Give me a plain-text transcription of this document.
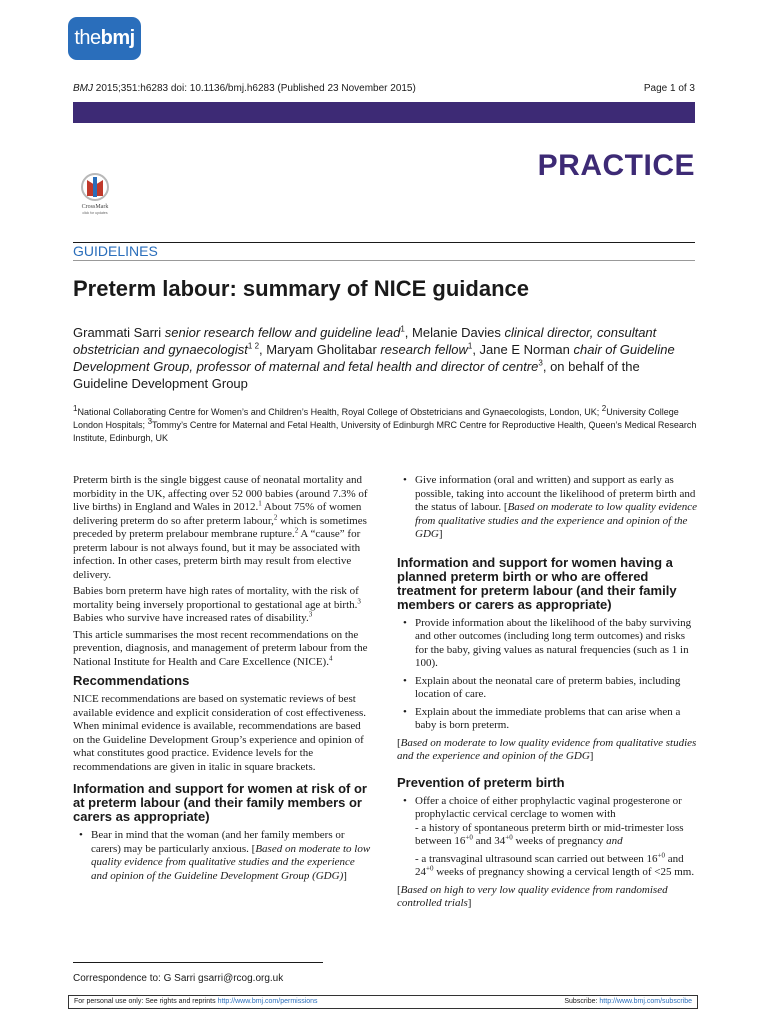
thebmj
BMJ 2015;351:h6283 doi: 10.1136/bmj.h6283 (Published 23 November 2015)	Page 1 of 3
PRACTICE
CrossMark
click for updates
GUIDELINES
Preterm labour: summary of NICE guidance
Grammati Sarri senior research fellow and guideline lead$^1$, Melanie Davies clinical director, consultant obstetrician and gynaecologist$^{1 2}$, Maryam Gholitabar research fellow$^1$, Jane E Norman chair of Guideline Development Group, professor of maternal and fetal health and director of centre$^3$, on behalf of the Guideline Development Group
$^1$National Collaborating Centre for Women’s and Children’s Health, Royal College of Obstetricians and Gynaecologists, London, UK; $^2$University College London Hospitals; $^3$Tommy’s Centre for Maternal and Fetal Health, University of Edinburgh MRC Centre for Reproductive Health, Queen’s Medical Research Institute, Edinburgh, UK

Preterm birth is the single biggest cause of neonatal mortality and morbidity in the UK, affecting over 52 000 babies (around 7.3% of live births) in England and Wales in 2012.$^1$ About 75% of women delivering preterm do so after preterm labour,$^2$ which is sometimes preceded by preterm prelabour membrane rupture.$^2$ A “cause” for preterm labour is not always found, but it may be associated with infection. In other cases, preterm birth may result from elective delivery.

Babies born preterm have high rates of mortality, with the risk of mortality being inversely proportional to gestational age at birth.$^3$ Babies who survive have increased rates of disability.$^3$

This article summarises the most recent recommendations on the prevention, diagnosis, and management of preterm labour from the National Institute for Health and Care Excellence (NICE).$^4$

Recommendations

NICE recommendations are based on systematic reviews of best available evidence and explicit consideration of cost effectiveness. When minimal evidence is available, recommendations are based on the Guideline Development Group’s experience and opinion of what constitutes good practice. Evidence levels for the recommendations are given in italic in square brackets.

Information and support for women at risk of or at preterm labour (and their family members or carers as appropriate)
• Bear in mind that the woman (and her family members or carers) may be particularly anxious. [Based on moderate to low quality evidence from qualitative studies and the experience and opinion of the Guideline Development Group (GDG)]
• Give information (oral and written) and support as early as possible, taking into account the likelihood of preterm birth and the status of labour. [Based on moderate to low quality evidence from qualitative studies and the experience and opinion of the GDG]
Information and support for women having a planned preterm birth or who are offered treatment for preterm labour (and their family members or carers as appropriate)
• Provide information about the likelihood of the baby surviving and other outcomes (including long term outcomes) and risks for the baby, giving values as natural frequencies (such as 1 in 100).
• Explain about the neonatal care of preterm babies, including location of care.
• Explain about the immediate problems that can arise when a baby is born preterm.

[Based on moderate to low quality evidence from qualitative studies and the experience and opinion of the GDG]

Prevention of preterm birth
• Offer a choice of either prophylactic vaginal progesterone or prophylactic cervical cerclage to women with
- a history of spontaneous preterm birth or mid-trimester loss between $16^{+0}$ and $34^{+0}$ weeks of pregnancy and

- a transvaginal ultrasound scan carried out between $16^{+0}$ and $24^{+0}$ weeks of pregnancy showing a cervical length of <25 mm.

[Based on high to very low quality evidence from randomised controlled trials]

Correspondence to: G Sarri gsarri@rcog.org.uk
For personal use only: See rights and reprints http://www.bmj.com/permissions	Subscribe: http://www.bmj.com/subscribe
